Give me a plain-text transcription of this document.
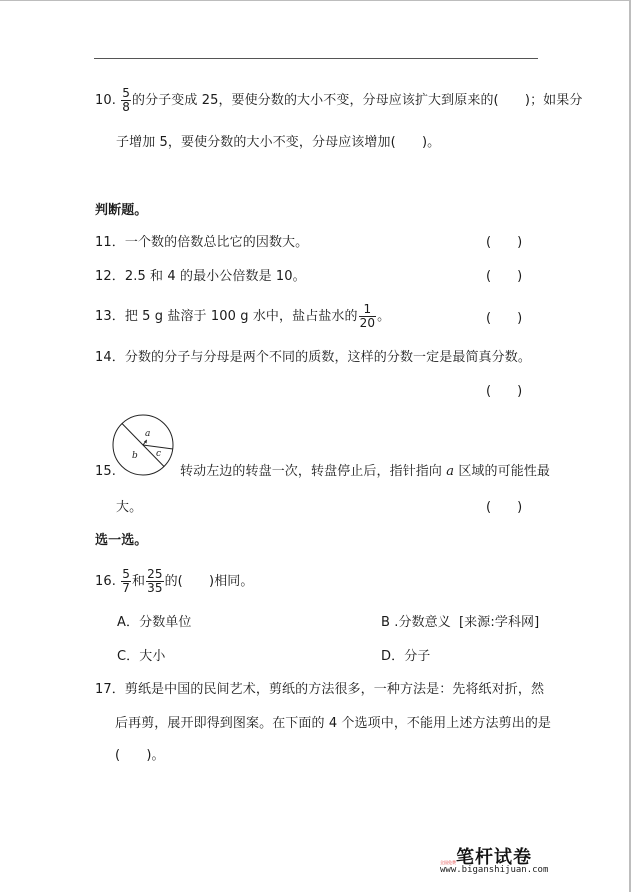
10. $\frac{5}{8}$ 的分子变成 25，要使分数的大小不变，分母应该扩大到原来的(　　)；如果分
子增加 5，要使分数的大小不变，分母应该增加(　　)。
判断题。
11．一个数的倍数总比它的因数大。	(　　)
12．2.5 和 4 的最小公倍数是 10。	(　　)
13．把 5 g 盐溶于 100 g 水中，盐占盐水的 $\frac{1}{20}$ 。	(　　)
14．分数的分子与分母是两个不同的质数，这样的分数一定是最简真分数。
(　　)
a
b c
15.	转动左边的转盘一次，转盘停止后，指针指向 a 区域的可能性最
大。	(　　)
选一选。
16. $\frac{5}{7}$ 和 $\frac{25}{35}$ 的(　　)相同。
A．分数单位	B .分数意义 [来源:学科网]
C．大小	D．分子
17．剪纸是中国的民间艺术，剪纸的方法很多，一种方法是：先将纸对折，然
后再剪，展开即得到图案。在下面的 4 个选项中，不能用上述方法剪出的是
(　　)。
笔杆试卷
全国免费
www.biganshijuan.com
